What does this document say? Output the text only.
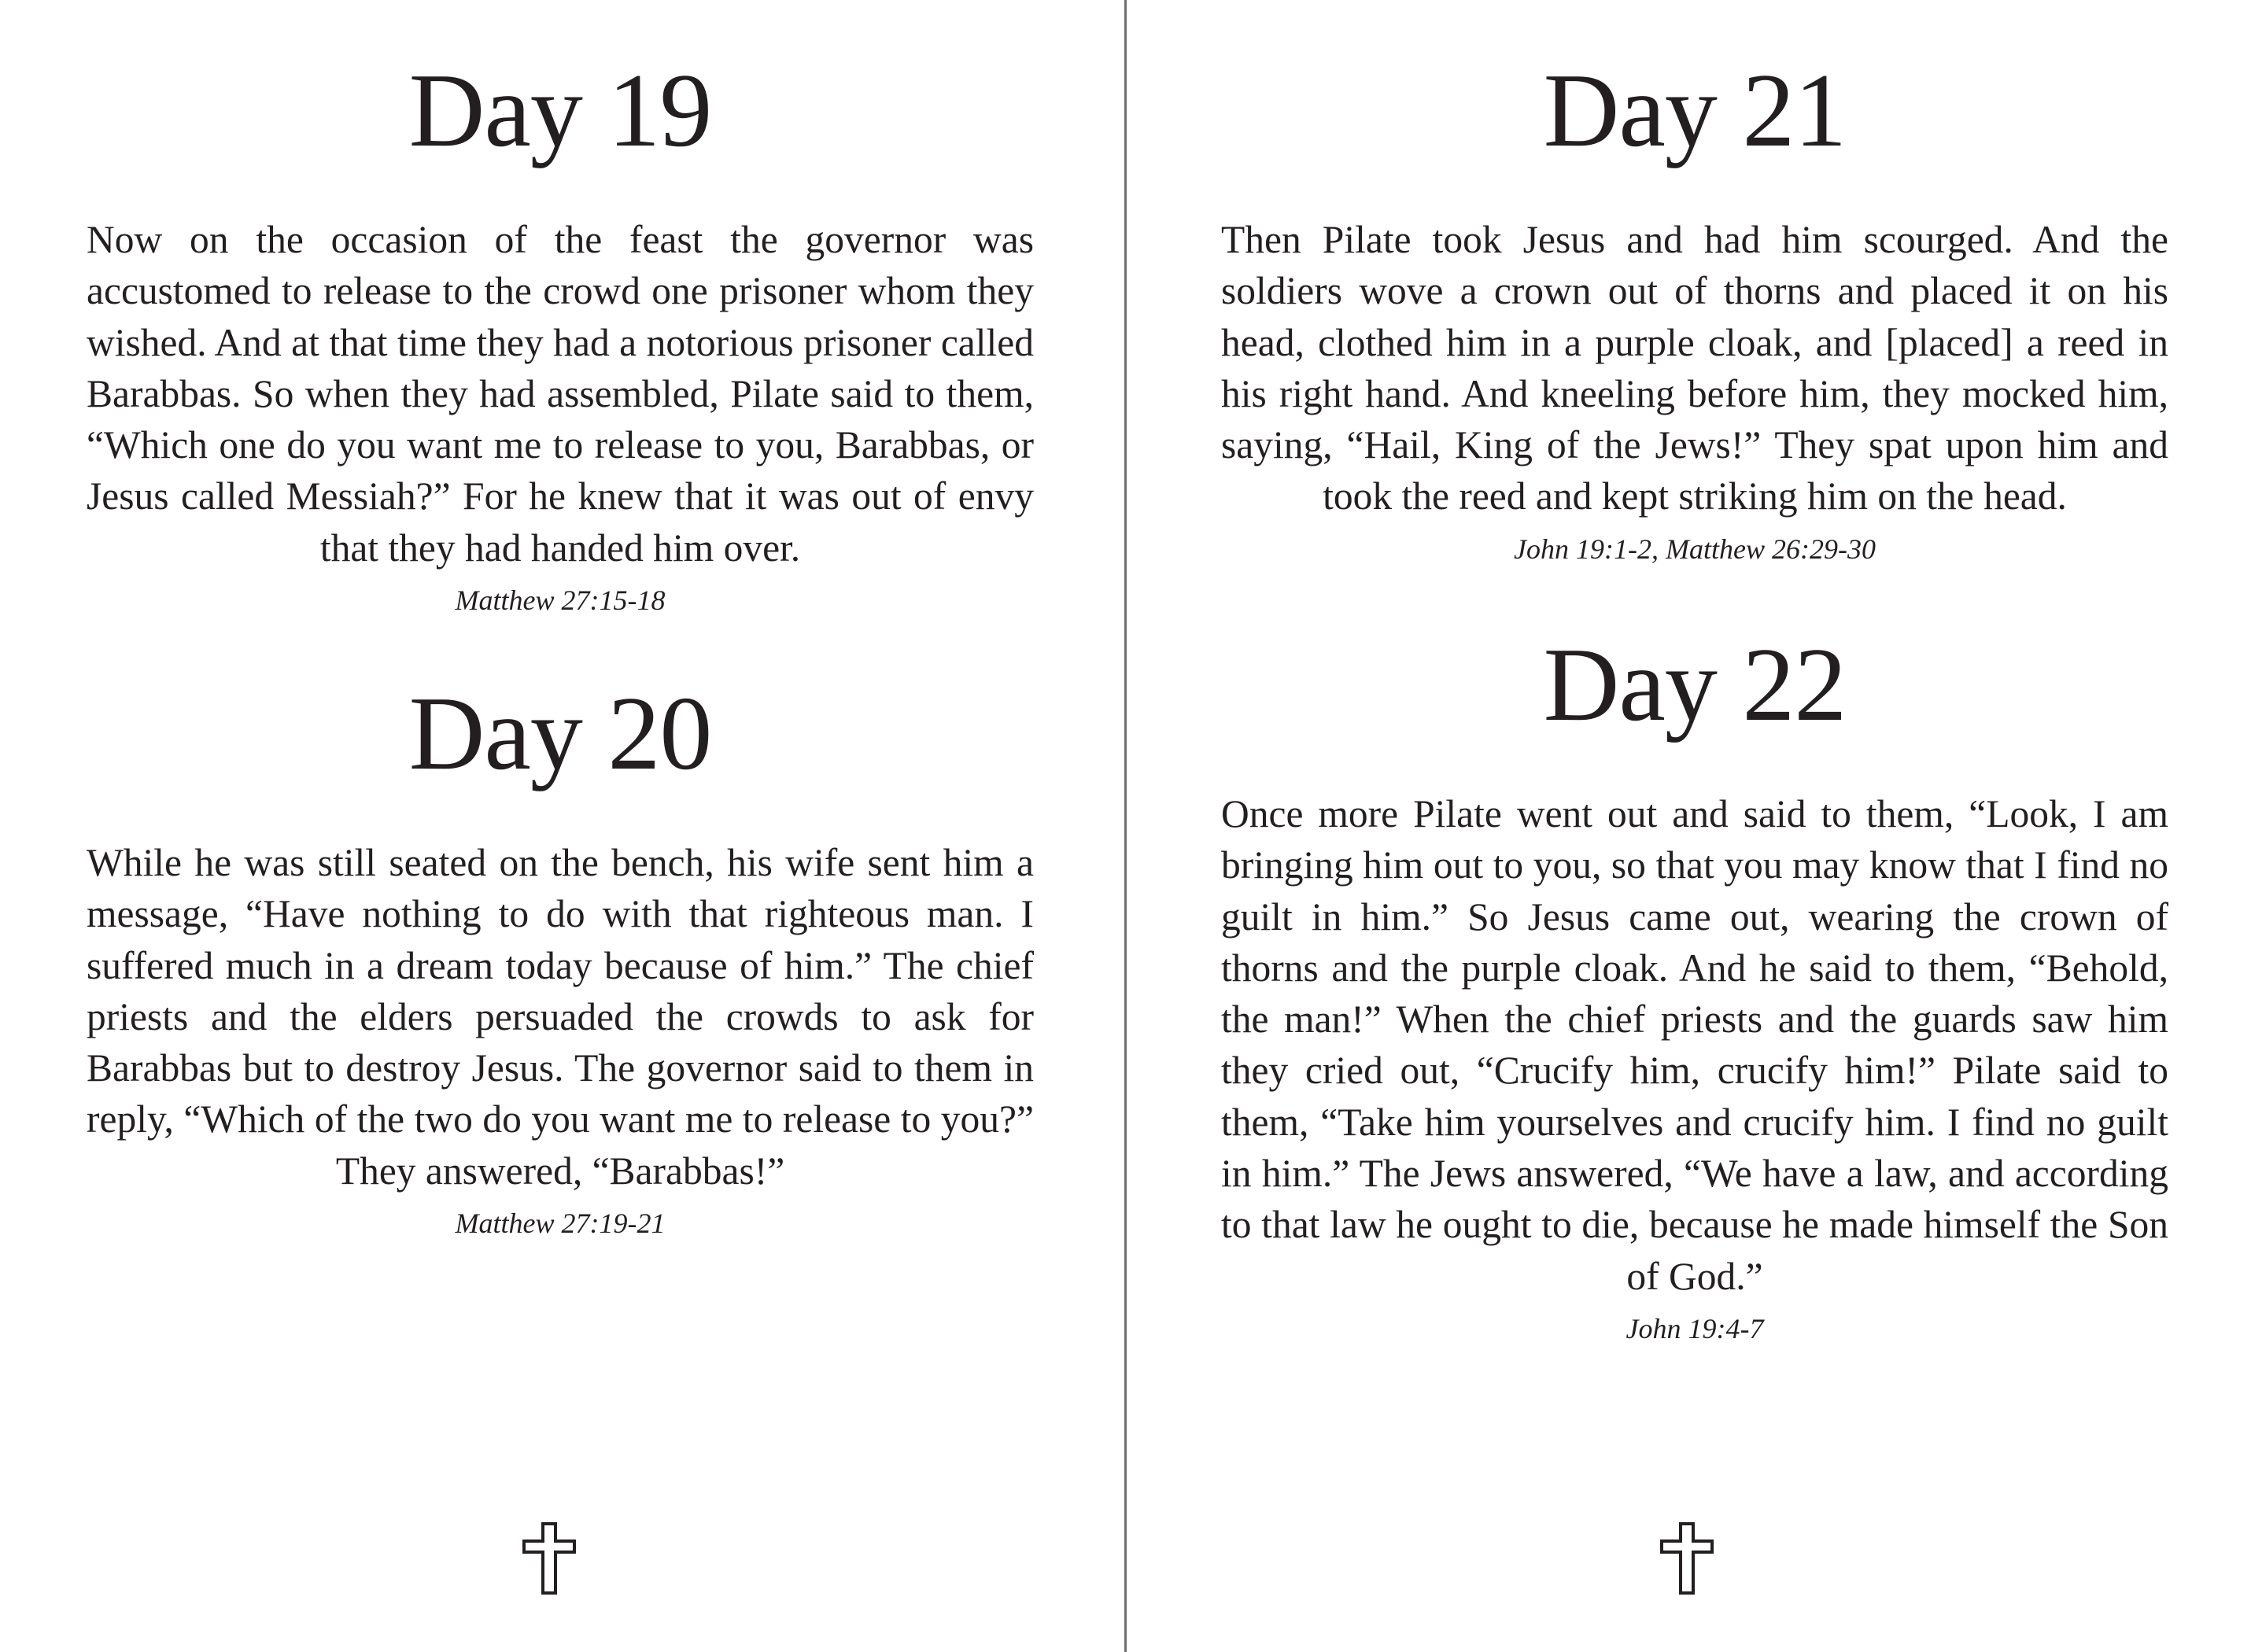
Day 19

Now on the occasion of the feast the governor was accustomed to release to the crowd one prisoner whom they wished. And at that time they had a notorious prisoner called Barabbas. So when they had assembled, Pilate said to them, “Which one do you want me to release to you, Barabbas, or Jesus called Messiah?” For he knew that it was out of envy that they had handed him over.

Matthew 27:15-18

Day 20

While he was still seated on the bench, his wife sent him a message, “Have nothing to do with that righteous man. I suffered much in a dream today because of him.” The chief priests and the elders persuaded the crowds to ask for Barabbas but to destroy Jesus. The governor said to them in reply, “Which of the two do you want me to release to you?” They answered, “Barabbas!”

Matthew 27:19-21

Day 21

Then Pilate took Jesus and had him scourged. And the soldiers wove a crown out of thorns and placed it on his head, clothed him in a purple cloak, and [placed] a reed in his right hand. And kneeling before him, they mocked him, saying, “Hail, King of the Jews!” They spat upon him and took the reed and kept striking him on the head.

John 19:1-2, Matthew 26:29-30

Day 22

Once more Pilate went out and said to them, “Look, I am bringing him out to you, so that you may know that I find no guilt in him.” So Jesus came out, wearing the crown of thorns and the purple cloak. And he said to them, “Behold, the man!” When the chief priests and the guards saw him they cried out, “Crucify him, crucify him!” Pilate said to them, “Take him yourselves and crucify him. I find no guilt in him.” The Jews answered, “We have a law, and according to that law he ought to die, because he made himself the Son of God.”

John 19:4-7
